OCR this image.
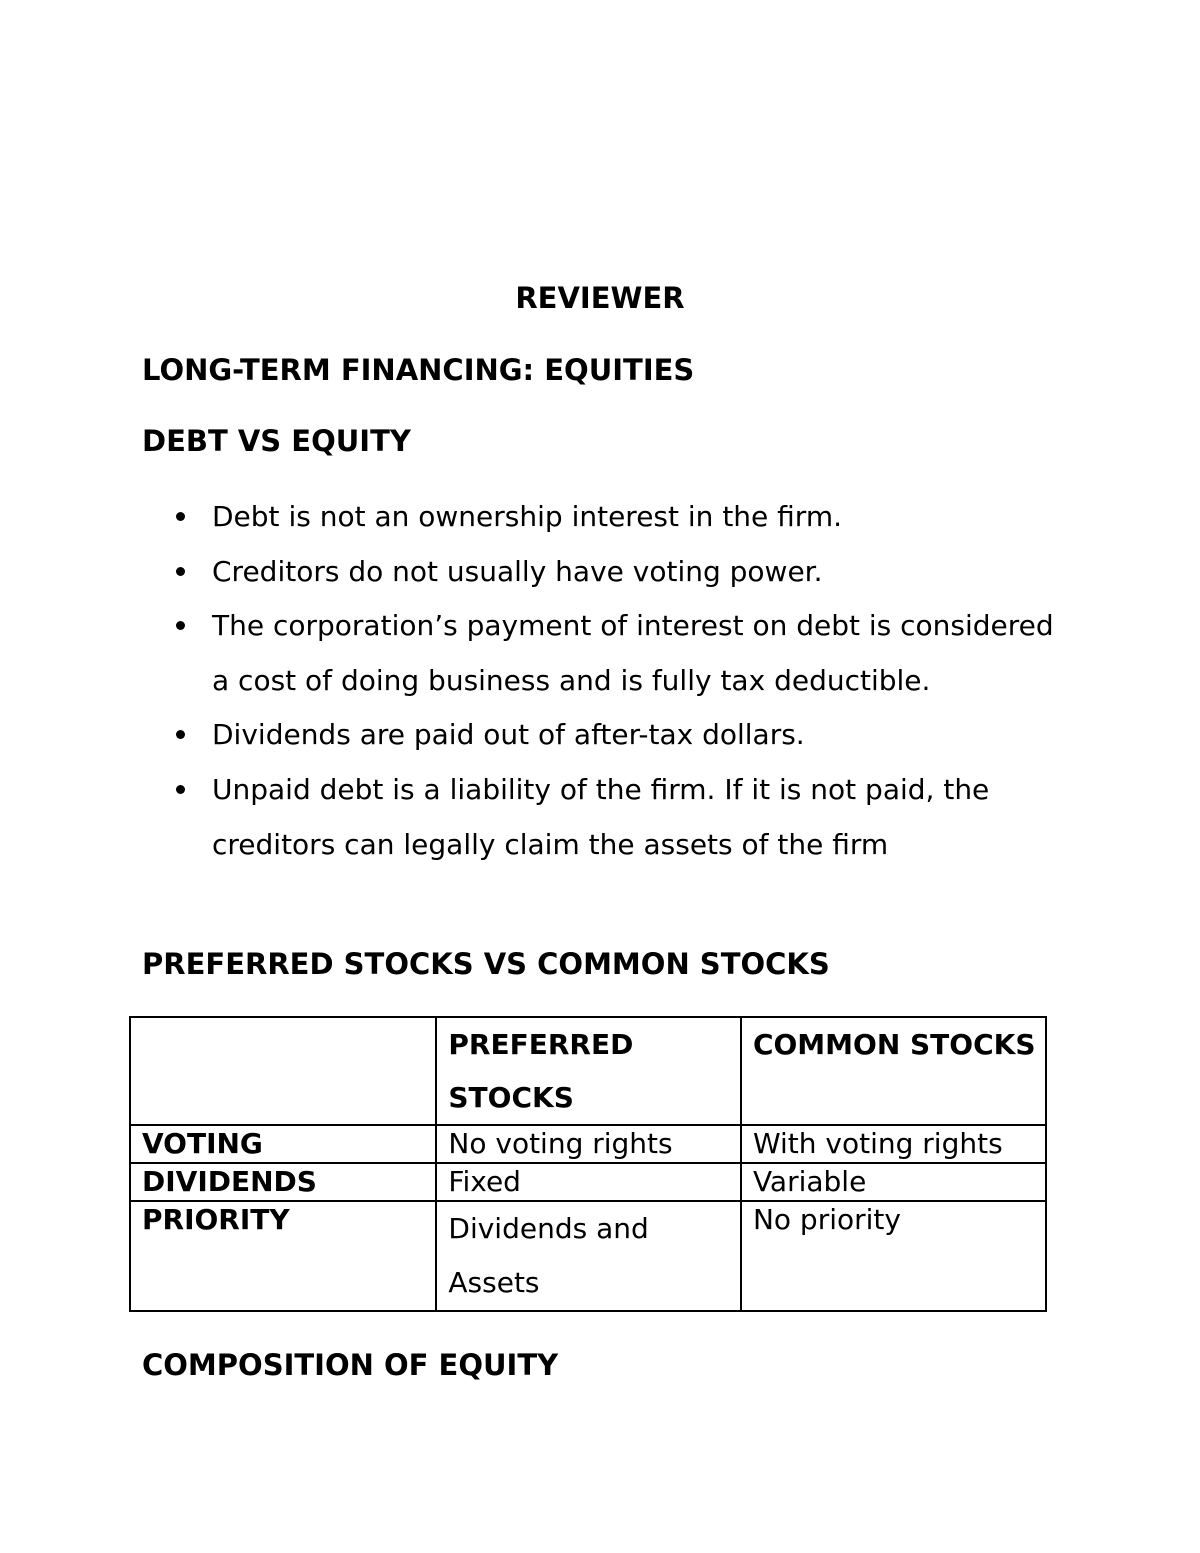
REVIEWER
LONG-TERM FINANCING: EQUITIES
DEBT VS EQUITY
Debt is not an ownership interest in the firm.
Creditors do not usually have voting power.
The corporation’s payment of interest on debt is considered a cost of doing business and is fully tax deductible.
Dividends are paid out of after-tax dollars.
Unpaid debt is a liability of the firm. If it is not paid, the creditors can legally claim the assets of the firm
PREFERRED STOCKS VS COMMON STOCKS
	PREFERRED STOCKS	COMMON STOCKS
VOTING	No voting rights	With voting rights
DIVIDENDS	Fixed	Variable
PRIORITY	Dividends and Assets	No priority
COMPOSITION OF EQUITY
